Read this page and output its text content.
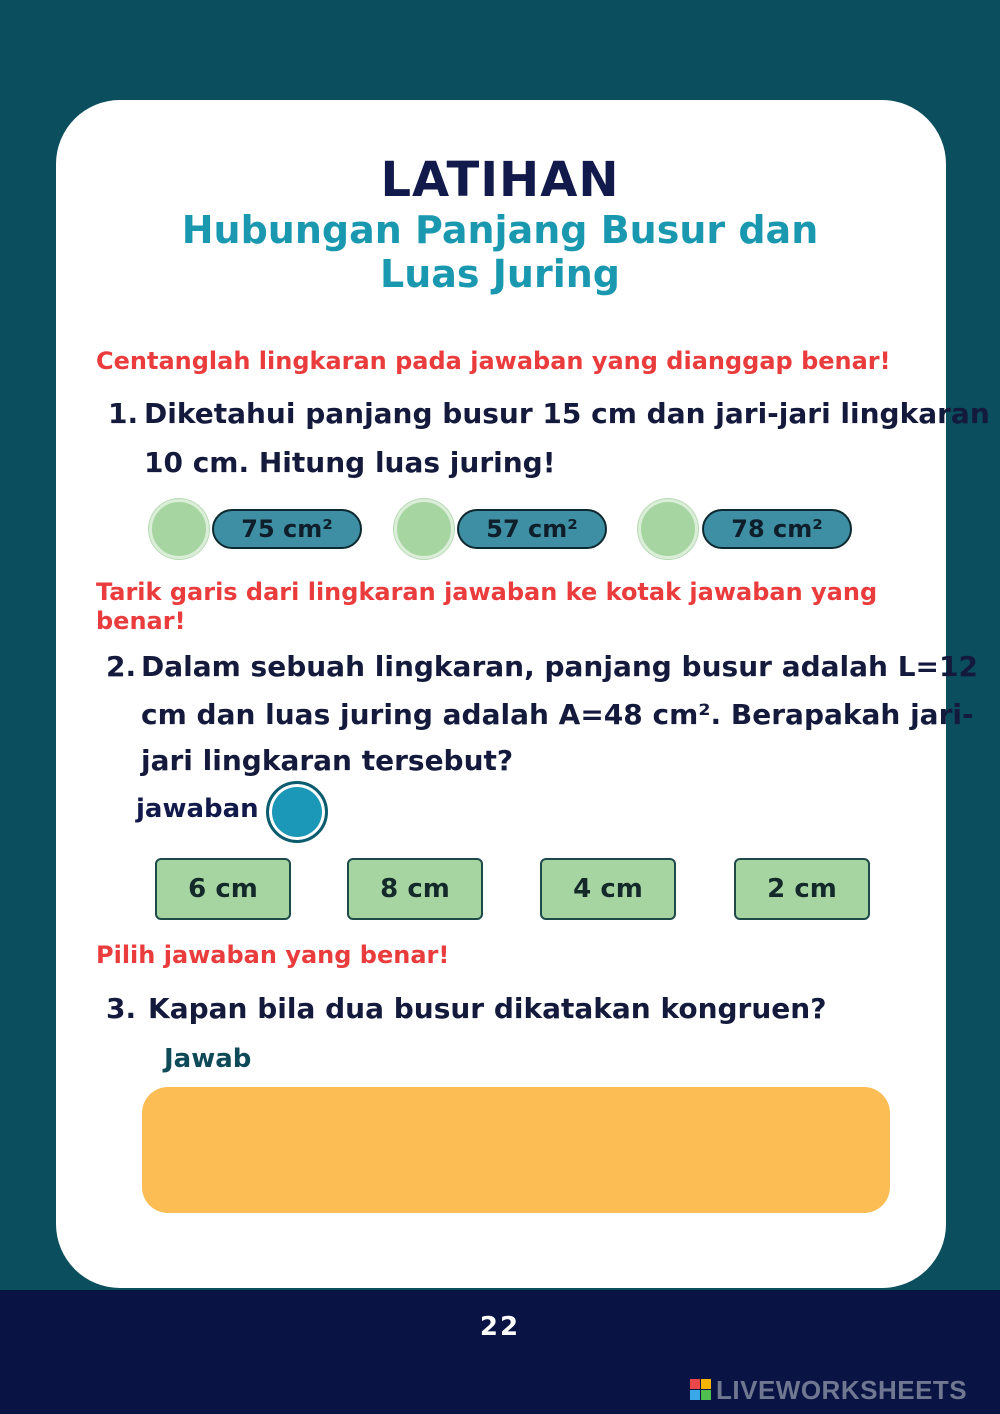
LATIHAN
Hubungan Panjang Busur dan Luas Juring
Centanglah lingkaran pada jawaban yang dianggap benar!
1. Diketahui panjang busur 15 cm dan jari-jari lingkaran
10 cm. Hitung luas juring!
75 cm²	57 cm²	78 cm²
Tarik garis dari lingkaran jawaban ke kotak jawaban yang
benar!
2. Dalam sebuah lingkaran, panjang busur adalah L=12
cm dan luas juring adalah A=48 cm². Berapakah jari-
jari lingkaran tersebut?
jawaban
6 cm	8 cm	4 cm	2 cm
Pilih jawaban yang benar!
3. Kapan bila dua busur dikatakan kongruen?
Jawab
22
LIVEWORKSHEETS
